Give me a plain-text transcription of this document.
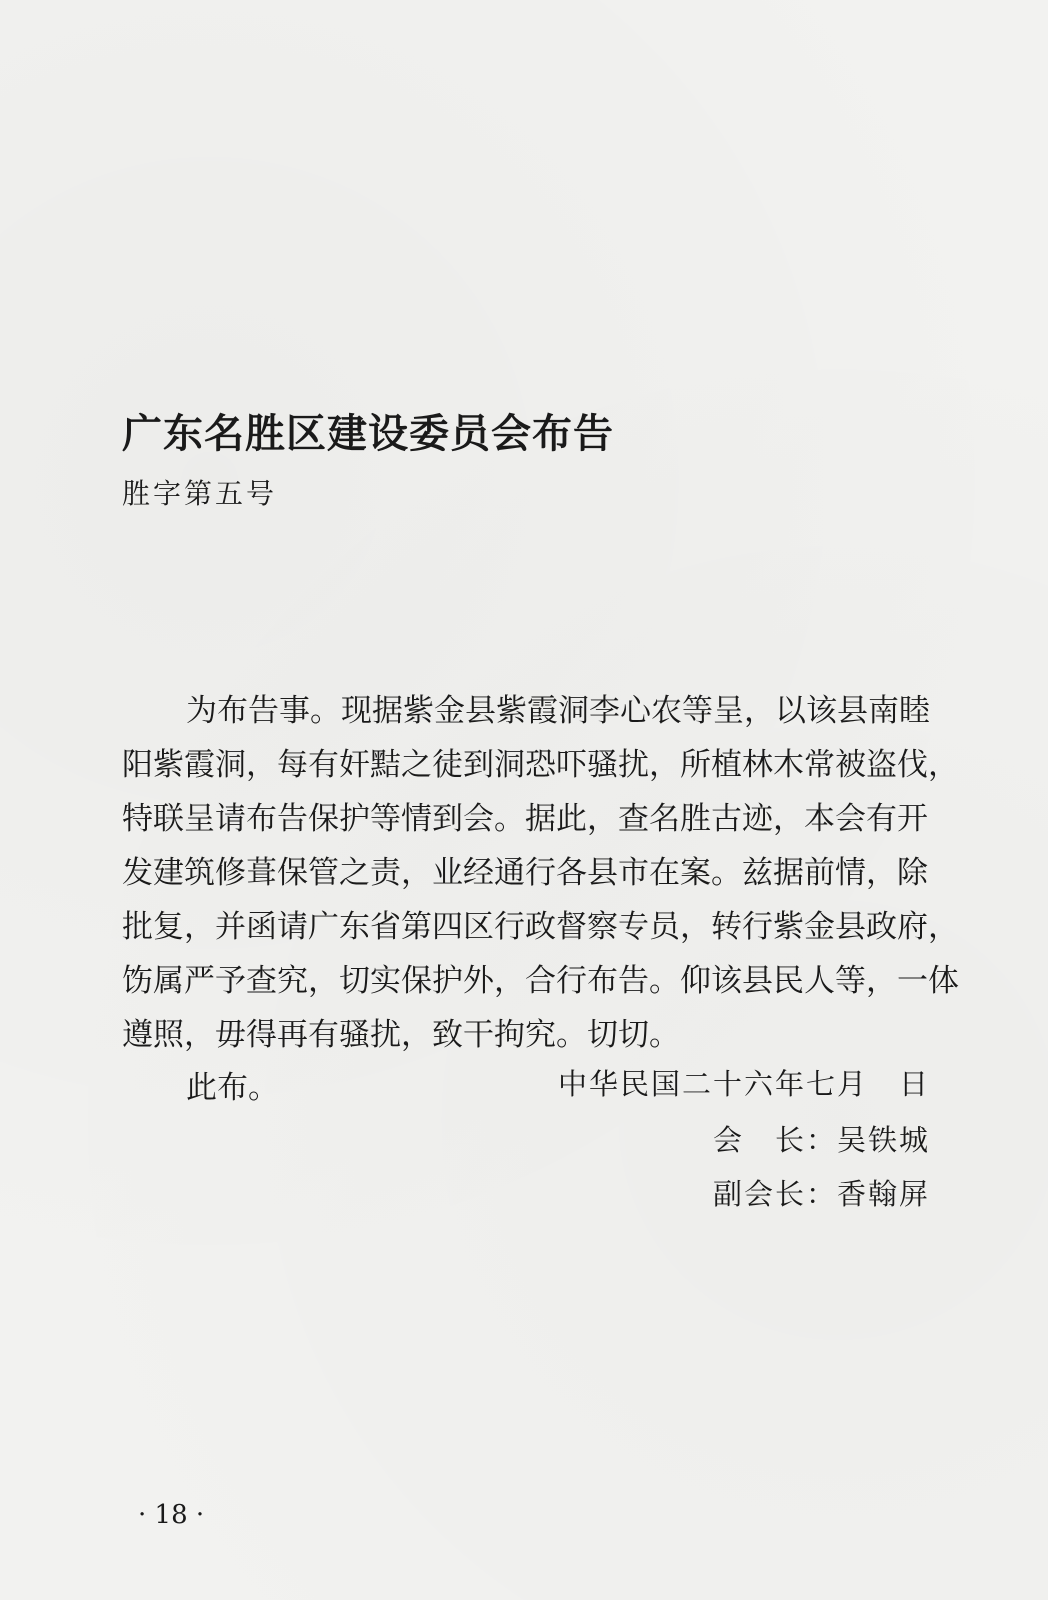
广东名胜区建设委员会布告
胜字第五号
为布告事。现据紫金县紫霞洞李心农等呈，以该县南睦
阳紫霞洞，每有奸黠之徒到洞恐吓骚扰，所植林木常被盗伐，
特联呈请布告保护等情到会。据此，查名胜古迹，本会有开
发建筑修葺保管之责，业经通行各县市在案。兹据前情，除
批复，并函请广东省第四区行政督察专员，转行紫金县政府，
饬属严予查究，切实保护外，合行布告。仰该县民人等，一体
遵照，毋得再有骚扰，致干拘究。切切。
此布。	中华民国二十六年七月　日
会　长：吴铁城
副会长：香翰屏
· 18 ·
